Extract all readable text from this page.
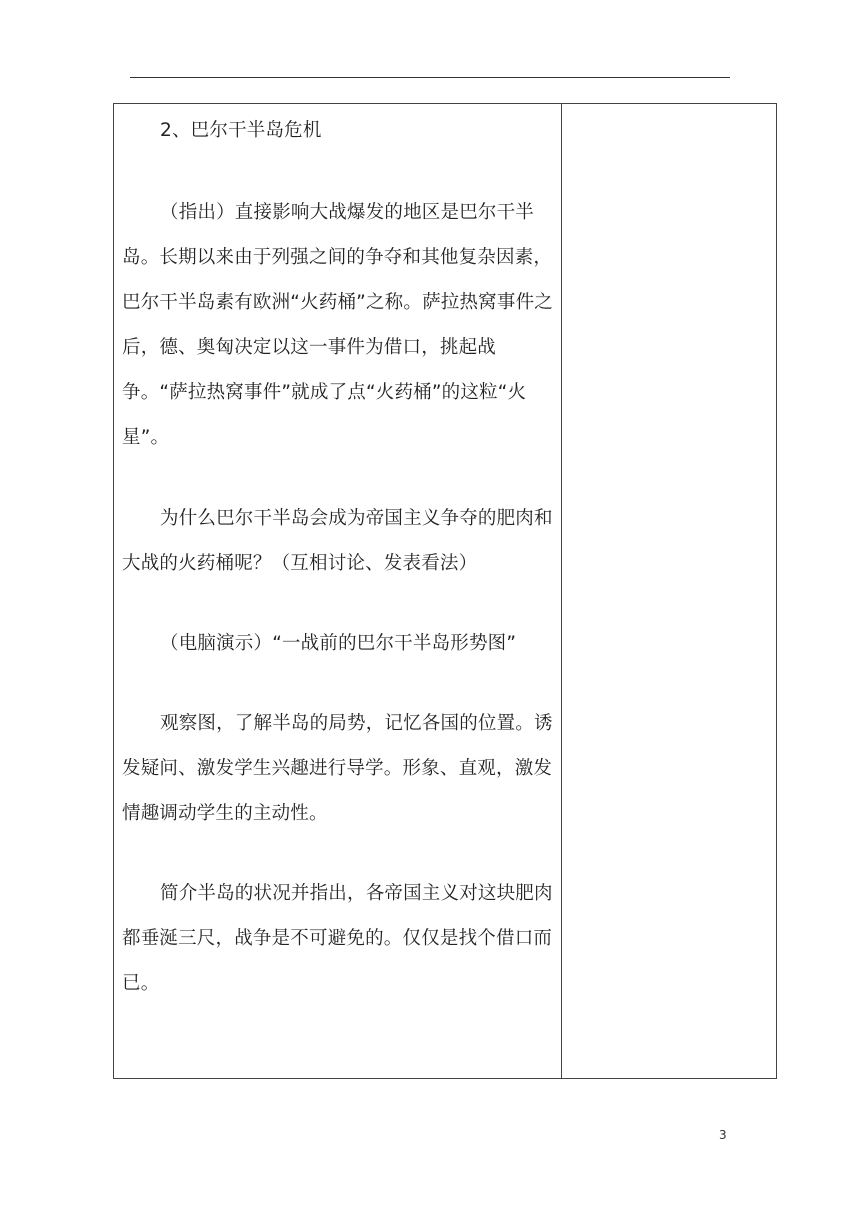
2、巴尔干半岛危机
（指出）直接影响大战爆发的地区是巴尔干半岛。长期以来由于列强之间的争夺和其他复杂因素，巴尔干半岛素有欧洲“火药桶”之称。萨拉热窝事件之后，德、奥匈决定以这一事件为借口，挑起战争。“萨拉热窝事件”就成了点“火药桶”的这粒“火星”。
为什么巴尔干半岛会成为帝国主义争夺的肥肉和大战的火药桶呢？（互相讨论、发表看法）
（电脑演示）“一战前的巴尔干半岛形势图”
观察图，了解半岛的局势，记忆各国的位置。诱发疑问、激发学生兴趣进行导学。形象、直观，激发情趣调动学生的主动性。
简介半岛的状况并指出，各帝国主义对这块肥肉都垂涎三尺，战争是不可避免的。仅仅是找个借口而已。
3
